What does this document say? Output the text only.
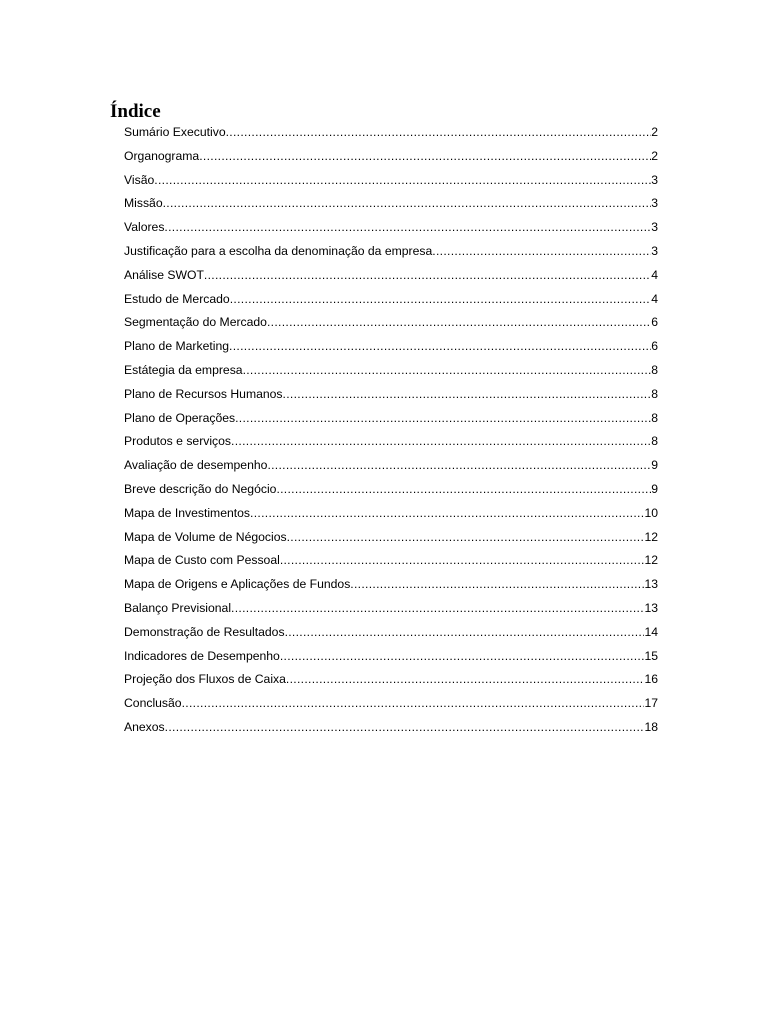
Índice
Sumário Executivo .....	2
Organograma .....	2
Visão .....	3
Missão .....	3
Valores .....	3
Justificação para a escolha da denominação da empresa .....	3
Análise SWOT .....	4
Estudo de Mercado .....	4
Segmentação do Mercado .....	6
Plano de Marketing .....	6
Estátegia da empresa .....	8
Plano de Recursos Humanos .....	8
Plano de Operações .....	8
Produtos e serviços .....	8
Avaliação de desempenho .....	9
Breve descrição do Negócio .....	9
Mapa de Investimentos .....	10
Mapa de Volume de Négocios .....	12
Mapa de Custo com Pessoal .....	12
Mapa de Origens e Aplicações de Fundos .....	13
Balanço Previsional .....	13
Demonstração de Resultados .....	14
Indicadores de Desempenho .....	15
Projeção dos Fluxos de Caixa .....	16
Conclusão .....	17
Anexos .....	18
